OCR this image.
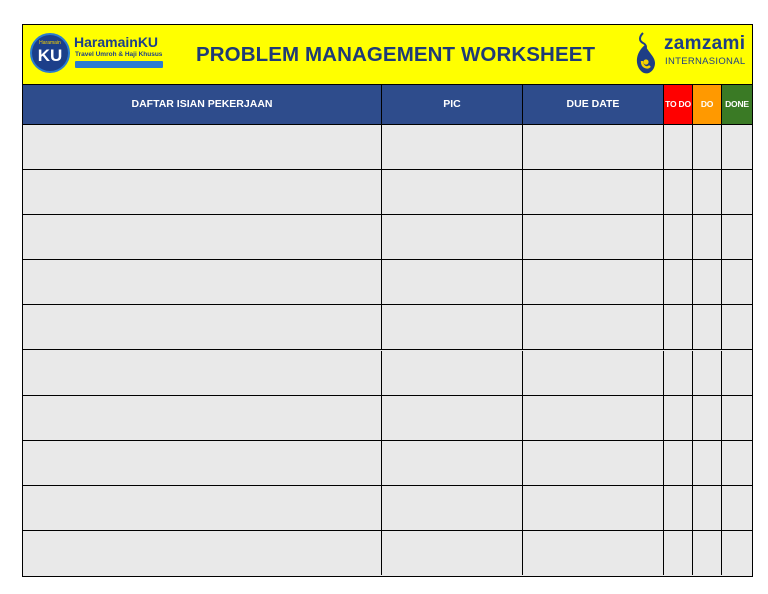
Haramain
KU
HaramainKU
Travel Umroh & Haji Khusus PROBLEM MANAGEMENT WORKSHEET	zamzami
INTERNASIONAL
DAFTAR ISIAN PEKERJAAN	PIC	DUE DATE	TO DO	DO	DONE
